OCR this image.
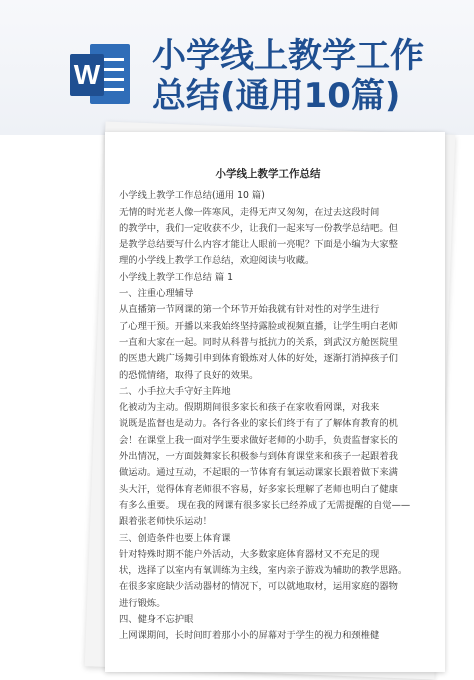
W 小学线上教学工作
总结(通用10篇)
小学线上教学工作总结
小学线上教学工作总结(通用 10 篇)
无情的时光老人像一阵寒风，走得无声又匆匆，在过去这段时间
的教学中，我们一定收获不少，让我们一起来写一份教学总结吧。但
是教学总结要写什么内容才能让人眼前一亮呢？下面是小编为大家整
理的小学线上教学工作总结，欢迎阅读与收藏。
小学线上教学工作总结 篇 1
一、注重心理辅导
从直播第一节网课的第一个环节开始我就有针对性的对学生进行
了心理干预。开播以来我始终坚持露脸或视频直播，让学生明白老师
一直和大家在一起。同时从科普与抵抗力的关系，到武汉方舱医院里
的医患大跳广场舞引申到体育锻炼对人体的好处，逐渐打消掉孩子们
的恐慌情绪，取得了良好的效果。
二、小手拉大手守好主阵地
化被动为主动。假期期间很多家长和孩子在家收看网课，对我来
说既是监督也是动力。各行各业的家长们终于有了了解体育教育的机
会！在课堂上我一面对学生要求做好老师的小助手，负责监督家长的
外出情况，一方面鼓舞家长积极参与到体育课堂来和孩子一起跟着我
做运动。通过互动，不起眼的一节体育有氧运动课家长跟着做下来满
头大汗，觉得体育老师很不容易，好多家长理解了老师也明白了健康
有多么重要。 现在我的网课有很多家长已经养成了无需提醒的自觉——
跟着张老师快乐运动！
三、创造条件也要上体育课
针对特殊时期不能户外活动，大多数家庭体育器材又不充足的现
状，选择了以室内有氧训练为主线，室内亲子游戏为辅助的教学思路。
在很多家庭缺少活动器材的情况下，可以就地取材，运用家庭的器物
进行锻炼。
四、健身不忘护眼
上网课期间，长时间盯着那小小的屏幕对于学生的视力和颈椎健
